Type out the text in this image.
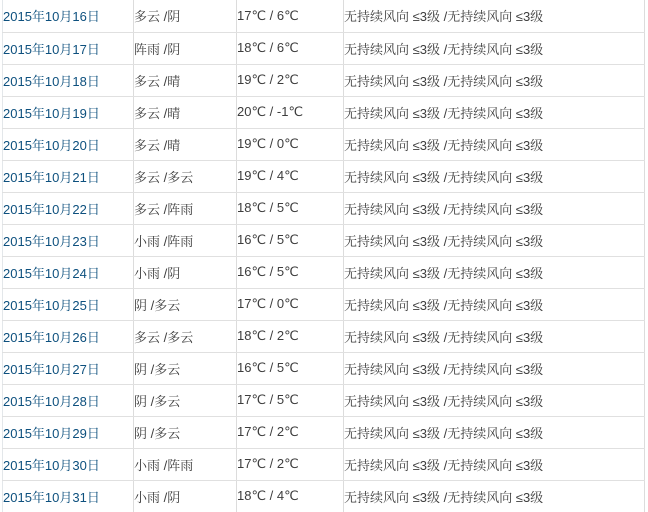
2015年10月16日	多云 /阴	17℃ / 6℃	无持续风向 ≤3级 /无持续风向 ≤3级
2015年10月17日	阵雨 /阴	18℃ / 6℃	无持续风向 ≤3级 /无持续风向 ≤3级
2015年10月18日	多云 /晴	19℃ / 2℃	无持续风向 ≤3级 /无持续风向 ≤3级
2015年10月19日	多云 /晴	20℃ / -1℃	无持续风向 ≤3级 /无持续风向 ≤3级
2015年10月20日	多云 /晴	19℃ / 0℃	无持续风向 ≤3级 /无持续风向 ≤3级
2015年10月21日	多云 /多云	19℃ / 4℃	无持续风向 ≤3级 /无持续风向 ≤3级
2015年10月22日	多云 /阵雨	18℃ / 5℃	无持续风向 ≤3级 /无持续风向 ≤3级
2015年10月23日	小雨 /阵雨	16℃ / 5℃	无持续风向 ≤3级 /无持续风向 ≤3级
2015年10月24日	小雨 /阴	16℃ / 5℃	无持续风向 ≤3级 /无持续风向 ≤3级
2015年10月25日	阴 /多云	17℃ / 0℃	无持续风向 ≤3级 /无持续风向 ≤3级
2015年10月26日	多云 /多云	18℃ / 2℃	无持续风向 ≤3级 /无持续风向 ≤3级
2015年10月27日	阴 /多云	16℃ / 5℃	无持续风向 ≤3级 /无持续风向 ≤3级
2015年10月28日	阴 /多云	17℃ / 5℃	无持续风向 ≤3级 /无持续风向 ≤3级
2015年10月29日	阴 /多云	17℃ / 2℃	无持续风向 ≤3级 /无持续风向 ≤3级
2015年10月30日	小雨 /阵雨	17℃ / 2℃	无持续风向 ≤3级 /无持续风向 ≤3级
2015年10月31日	小雨 /阴	18℃ / 4℃	无持续风向 ≤3级 /无持续风向 ≤3级
